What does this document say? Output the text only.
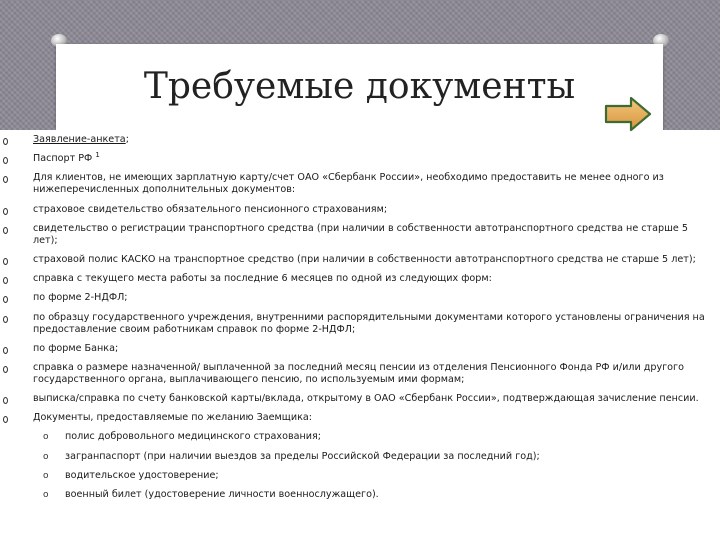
Требуемые документы
Заявление-анкета;
Паспорт РФ $^1$
Для клиентов, не имеющих зарплатную карту/счет ОАО «Сбербанк России», необходимо предоставить не менее одного из нижеперечисленных дополнительных документов:
страховое свидетельство обязательного пенсионного страхованиям;
свидетельство о регистрации транспортного средства (при наличии в собственности автотранспортного средства не старше 5 лет);
страховой полис КАСКО на транспортное средство (при наличии в собственности автотранспортного средства не старше 5 лет);
справка с текущего места работы за последние 6 месяцев по одной из следующих форм:
по форме 2-НДФЛ;
по образцу государственного учреждения, внутренними распорядительными документами которого установлены ограничения на предоставление своим работникам справок по форме 2-НДФЛ;
по форме Банка;
справка о размере назначенной/ выплаченной за последний месяц пенсии из отделения Пенсионного Фонда РФ и/или другого государственного органа, выплачивающего пенсию, по используемым ими формам;
выписка/справка по счету банковской карты/вклада, открытому в ОАО «Сбербанк России», подтверждающая зачисление пенсии.
Документы, предоставляемые по желанию Заемщика:
o полис добровольного медицинского страхования;
o загранпаспорт (при наличии выездов за пределы Российской Федерации за последний год);
o водительское удостоверение;
o военный билет (удостоверение личности военнослужащего).
